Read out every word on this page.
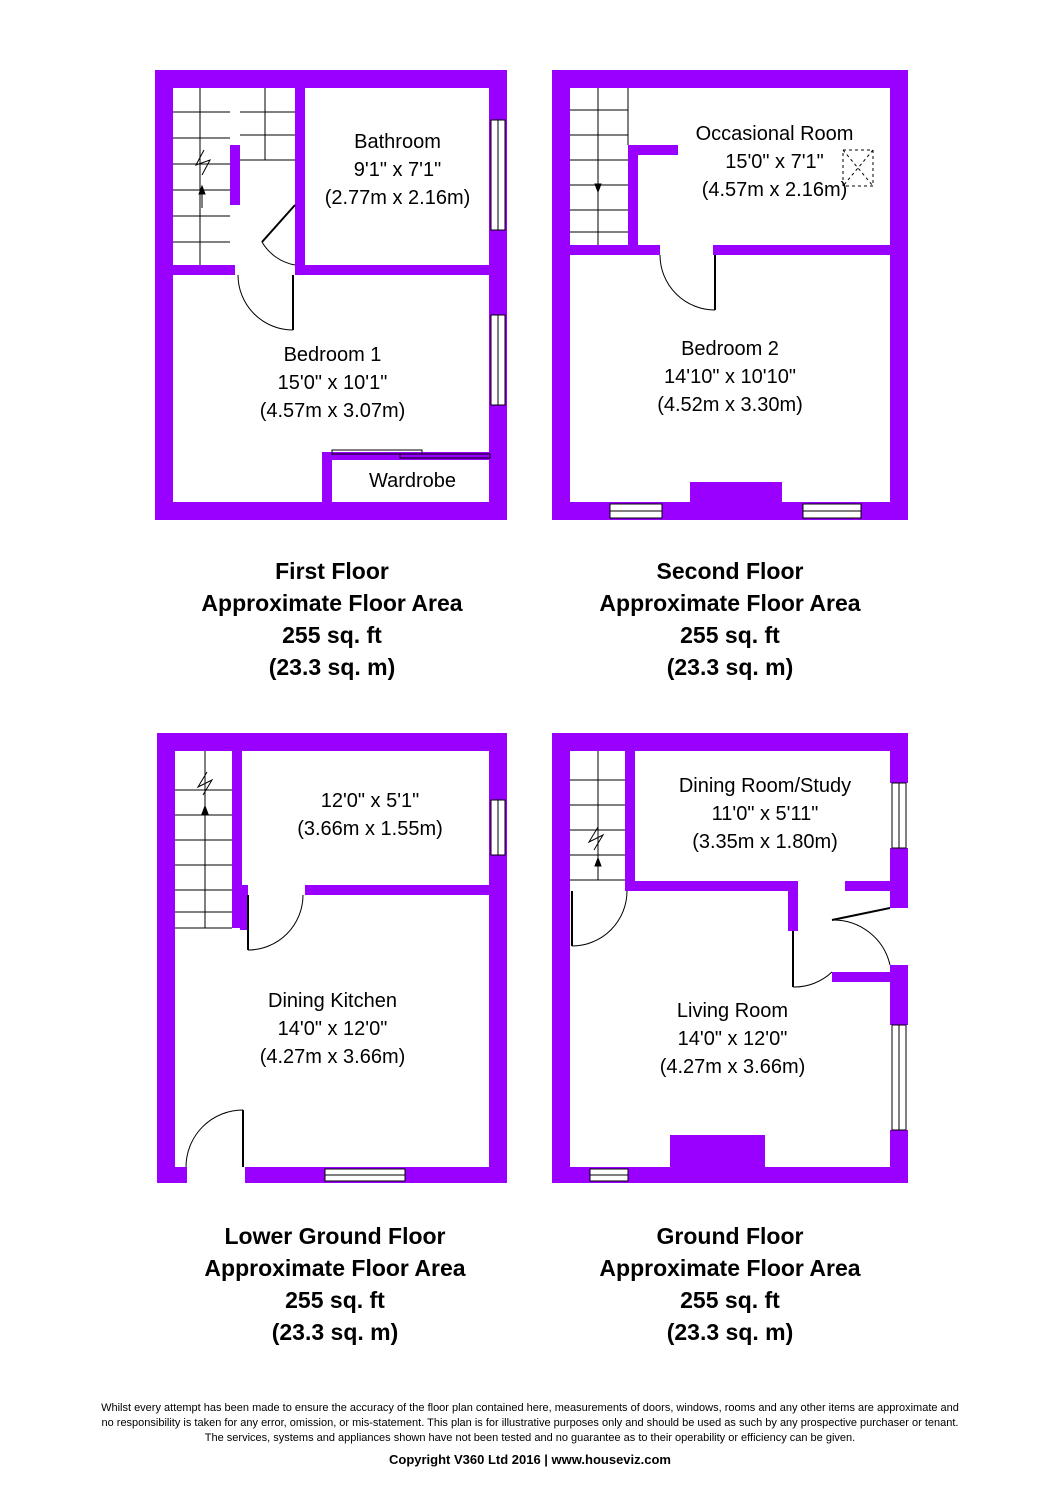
Bathroom
9'1" x 7'1"
(2.77m x 2.16m)
Bedroom 1
15'0" x 10'1"
(4.57m x 3.07m)
Wardrobe
Occasional Room
15'0" x 7'1"
(4.57m x 2.16m)
Bedroom 2
14'10" x 10'10"
(4.52m x 3.30m)
12'0" x 5'1"
(3.66m x 1.55m)
Dining Kitchen
14'0" x 12'0"
(4.27m x 3.66m)
Dining Room/Study
11'0" x 5'11"
(3.35m x 1.80m)
Living Room
14'0" x 12'0"
(4.27m x 3.66m)
First Floor
Approximate Floor Area
255 sq. ft
(23.3 sq. m)
Second Floor
Approximate Floor Area
255 sq. ft
(23.3 sq. m)
Lower Ground Floor
Approximate Floor Area
255 sq. ft
(23.3 sq. m)
Ground Floor
Approximate Floor Area
255 sq. ft
(23.3 sq. m)
Whilst every attempt has been made to ensure the accuracy of the floor plan contained here, measurements of doors, windows, rooms and any other items are approximate and
no responsibility is taken for any error, omission, or mis-statement. This plan is for illustrative purposes only and should be used as such by any prospective purchaser or tenant.
The services, systems and appliances shown have not been tested and no guarantee as to their operability or efficiency can be given.
Copyright V360 Ltd 2016 | www.houseviz.com
